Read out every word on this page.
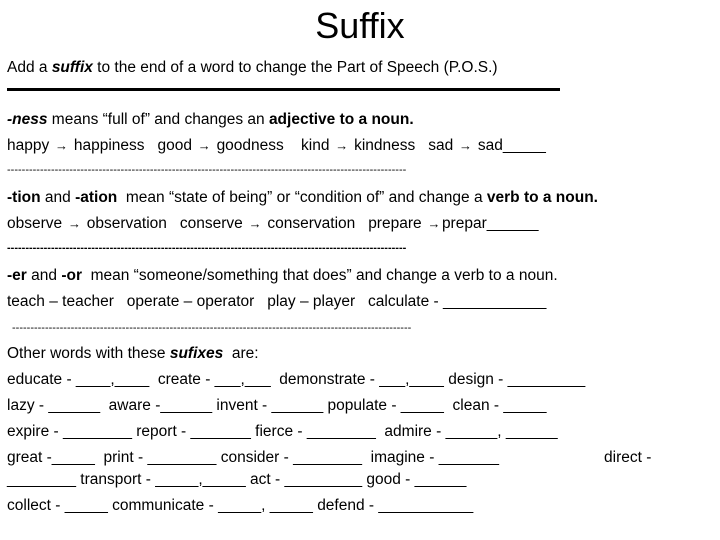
Suffix
Add a suffix to the end of a word to change the Part of Speech (P.O.S.)
-ness means “full of” and changes an adjective to a noun.
happy → happiness good → goodness kind → kindness sad → sad_____
-------------------------------------------------------------------------------------------------------------
-tion and -ation  mean “state of being” or “condition of” and change a verb to a noun.
observe → observation conserve → conservation prepare →prepar______
-------------------------------------------------------------------------------------------------------------
-er and -or  mean “someone/something that does” and change a verb to a noun.
teach – teacher   operate – operator   play – player   calculate - ____________
-------------------------------------------------------------------------------------------------------------
Other words with these sufixes  are:
educate - ____,____  create - ___,___  demonstrate - ___,____ design - _________
lazy - ______  aware -______ invent - ______ populate - _____  clean - _____
expire - ________ report - _______ fierce - ________  admire - ______, ______
great -_____  print - ________ consider - ________  imagine - _______	direct -
________ transport - _____,_____ act - _________ good - ______
collect - _____ communicate - _____, _____ defend - ___________
